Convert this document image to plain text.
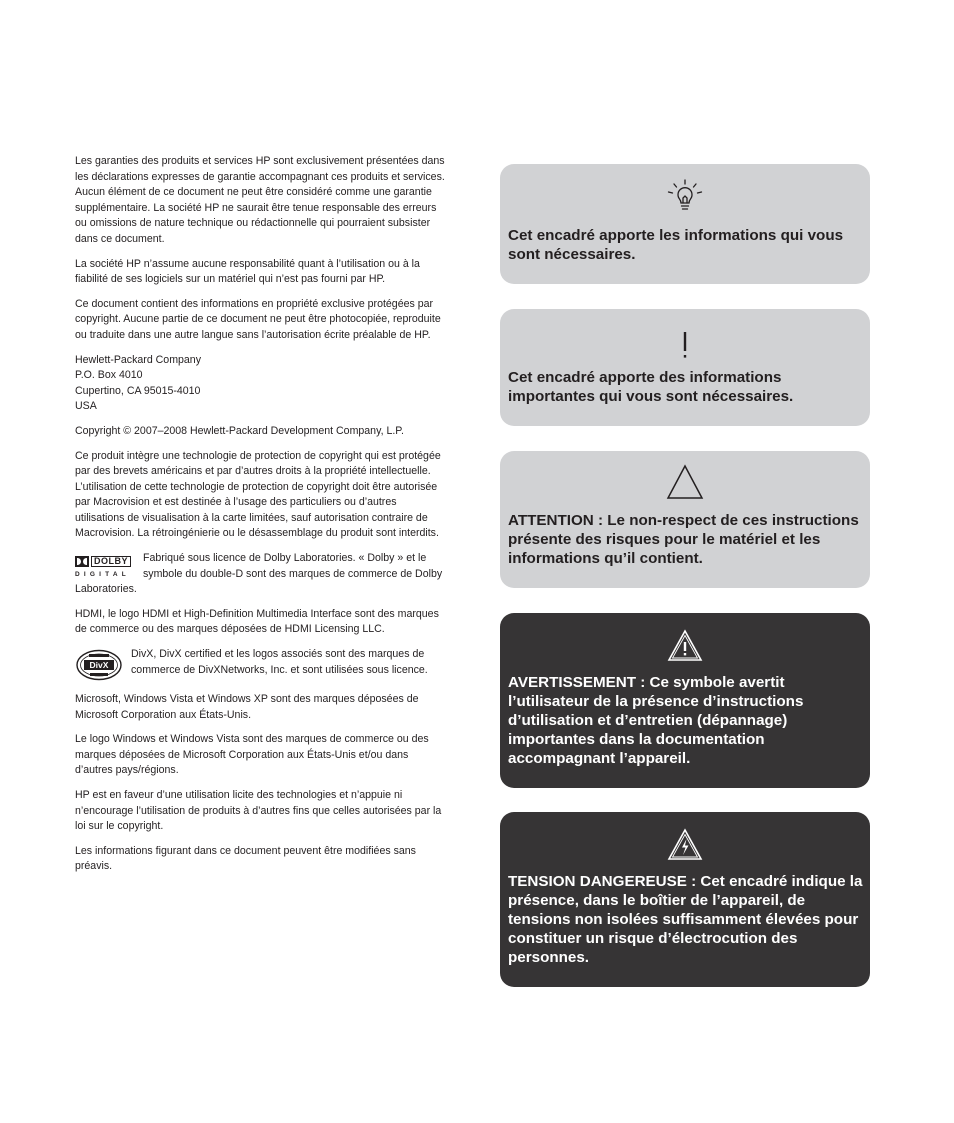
Les garanties des produits et services HP sont exclusivement présentées dans les déclarations expresses de garantie accompagnant ces produits et services. Aucun élément de ce document ne peut être considéré comme une garantie supplémentaire. La société HP ne saurait être tenue responsable des erreurs ou omissions de nature technique ou rédactionnelle qui pourraient subsister dans ce document.

La société HP n’assume aucune responsabilité quant à l’utilisation ou à la fiabilité de ses logiciels sur un matériel qui n’est pas fourni par HP.

Ce document contient des informations en propriété exclusive protégées par copyright. Aucune partie de ce document ne peut être photocopiée, reproduite ou traduite dans une autre langue sans l’autorisation écrite préalable de HP.

Hewlett-Packard Company
P.O. Box 4010
Cupertino, CA 95015-4010
USA

Copyright © 2007–2008 Hewlett-Packard Development Company, L.P.

Ce produit intègre une technologie de protection de copyright qui est protégée par des brevets américains et par d’autres droits à la propriété intellectuelle. L’utilisation de cette technologie de protection de copyright doit être autorisée par Macrovision et est destinée à l’usage des particuliers ou d’autres utilisations de visualisation à la carte limitées, sauf autorisation contraire de Macrovision. La rétroingénierie ou le désassemblage du produit sont interdits.

DOLBY
DIGITAL
Fabriqué sous licence de Dolby Laboratories. « Dolby » et le symbole du double-D sont des marques de commerce de Dolby Laboratories.

HDMI, le logo HDMI et High-Definition Multimedia Interface sont des marques de commerce ou des marques déposées de HDMI Licensing LLC.

DivX
DivX, DivX certified et les logos associés sont des marques de commerce de DivXNetworks, Inc. et sont utilisées sous licence.

Microsoft, Windows Vista et Windows XP sont des marques déposées de Microsoft Corporation aux États-Unis.

Le logo Windows et Windows Vista sont des marques de commerce ou des marques déposées de Microsoft Corporation aux États-Unis et/ou dans d’autres pays/régions.

HP est en faveur d’une utilisation licite des technologies et n’appuie ni n’encourage l’utilisation de produits à d’autres fins que celles autorisées par la loi sur le copyright.

Les informations figurant dans ce document peuvent être modifiées sans préavis.

Cet encadré apporte les informations qui vous sont nécessaires.
Cet encadré apporte des informations importantes qui vous sont nécessaires.
ATTENTION : Le non-respect de ces instructions présente des risques pour le matériel et les informations qu’il contient.
AVERTISSEMENT : Ce symbole avertit l’utilisateur de la présence d’instructions d’utilisation et d’entretien (dépannage) importantes dans la documentation accompagnant l’appareil.
TENSION DANGEREUSE : Cet encadré indique la présence, dans le boîtier de l’appareil, de tensions non isolées suffisamment élevées pour constituer un risque d’électrocution des personnes.
